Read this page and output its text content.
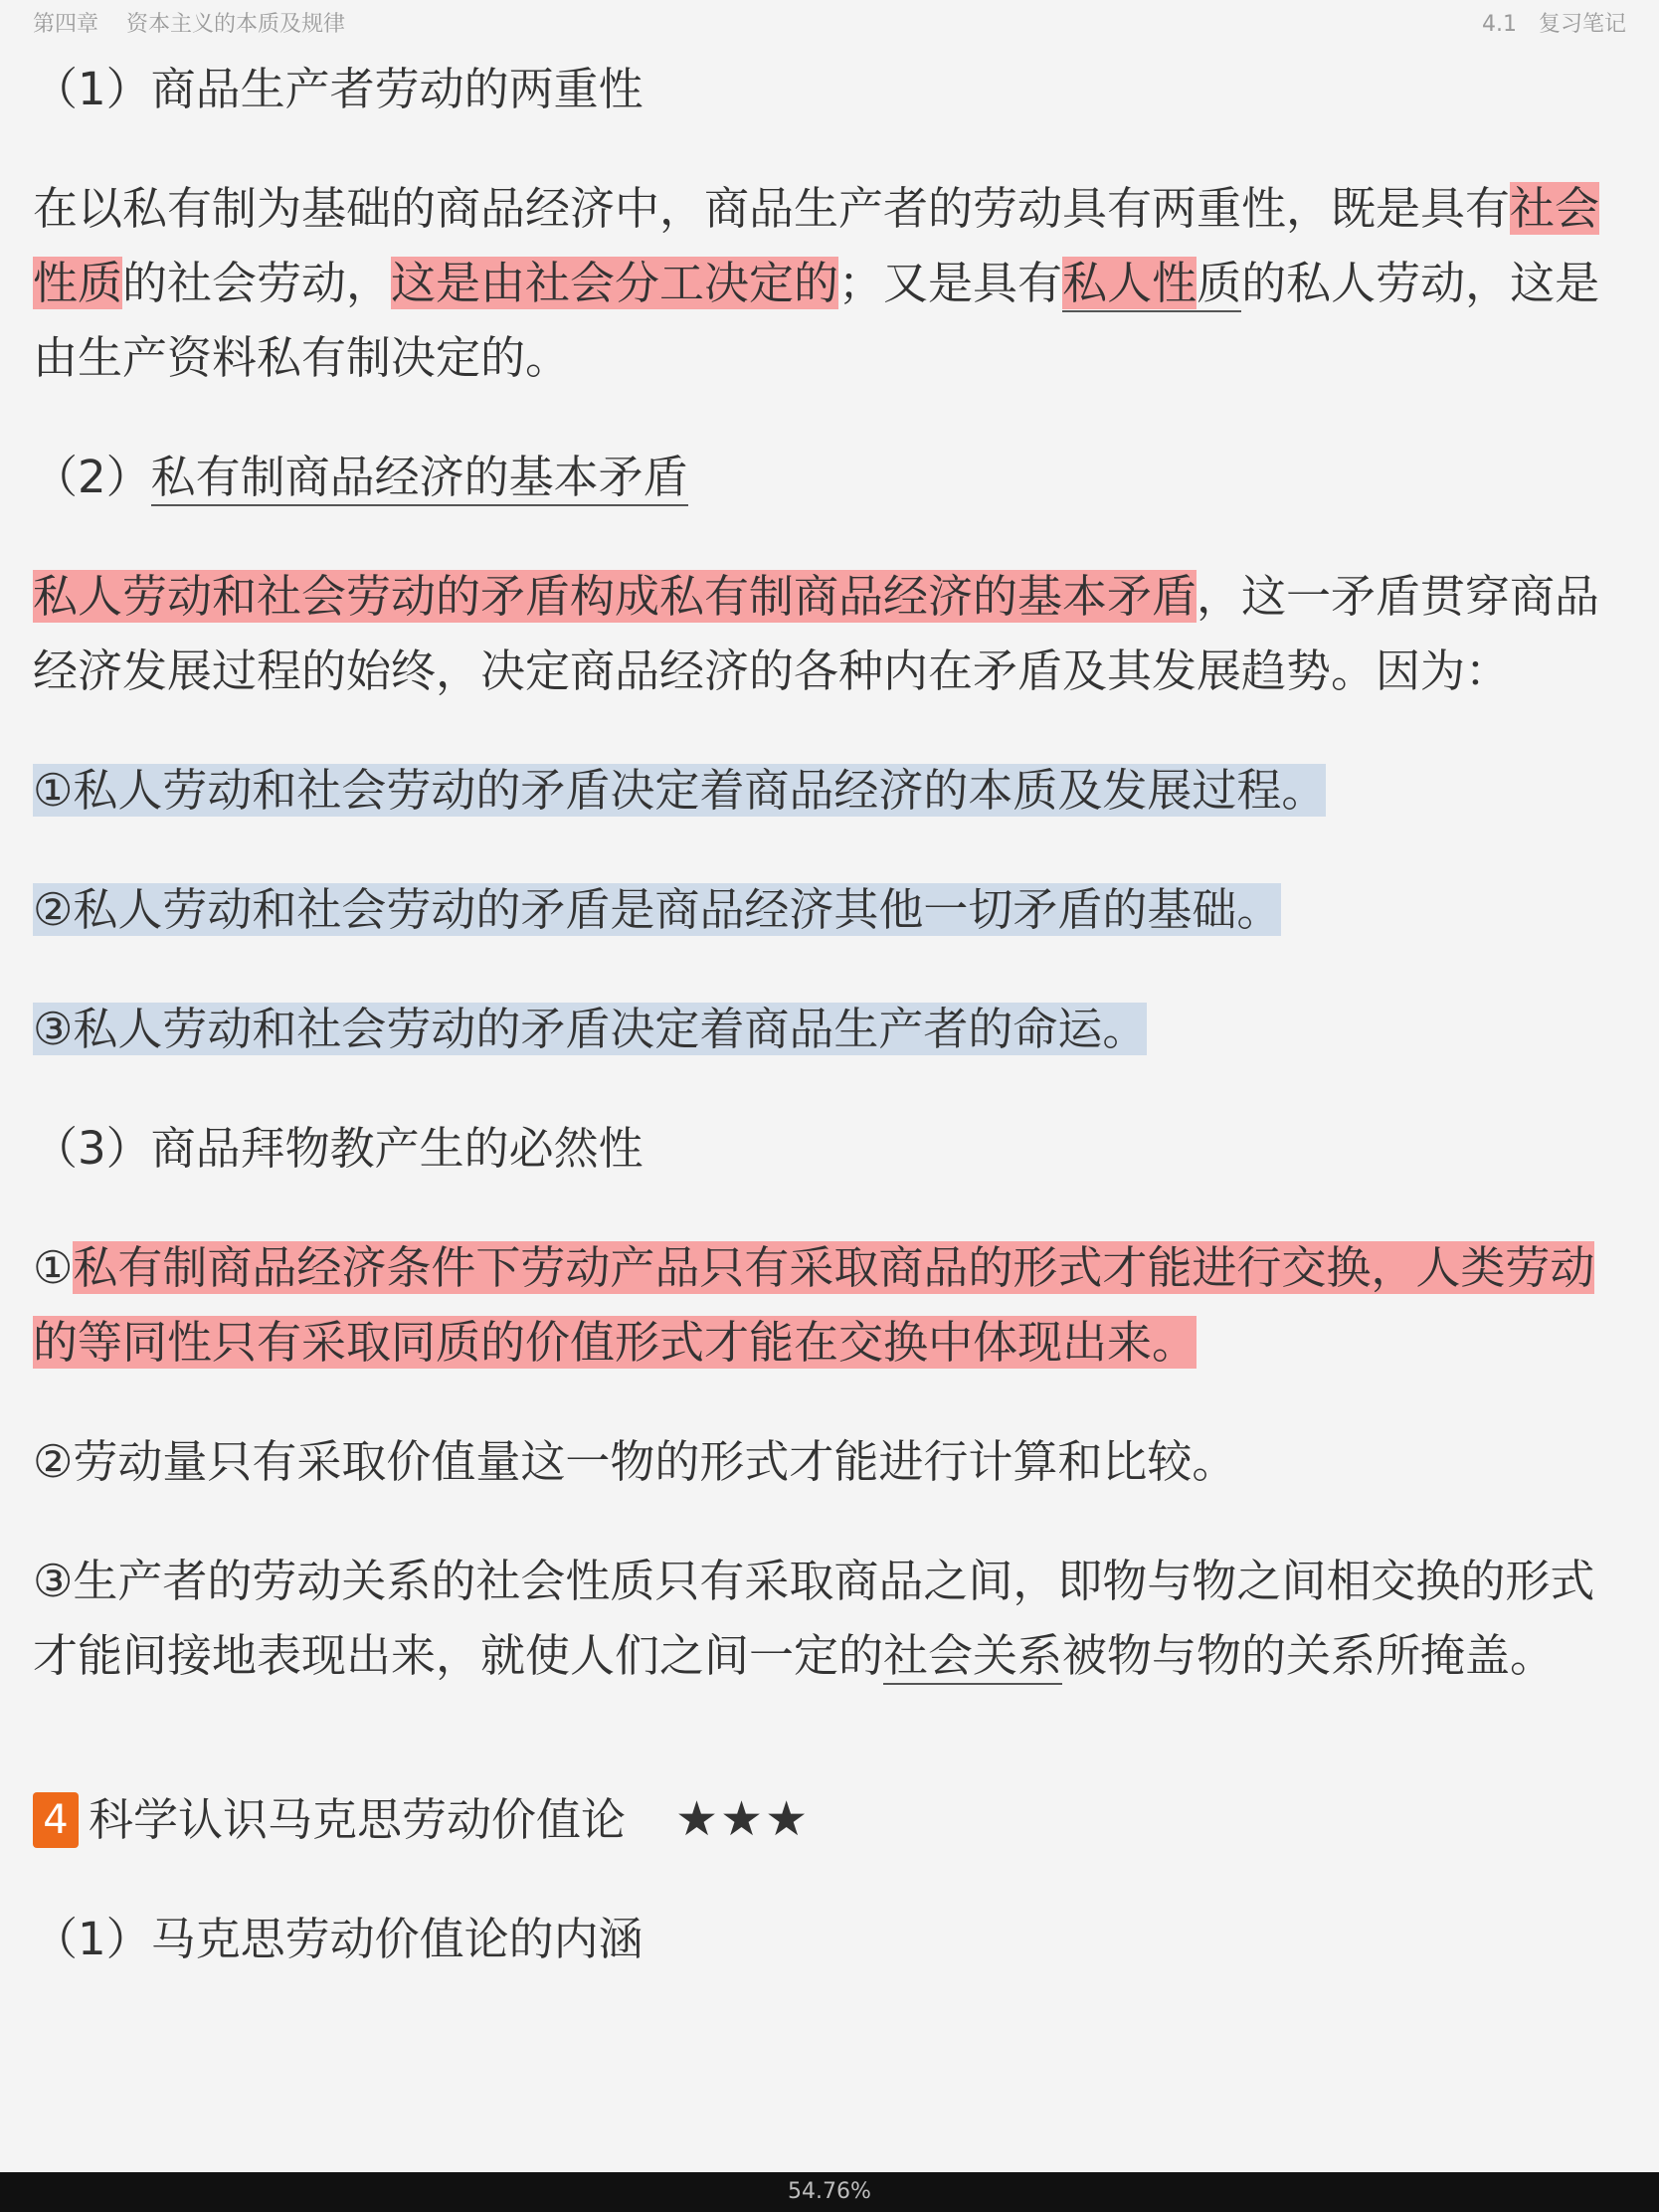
第四章 资本主义的本质及规律	4.1 复习笔记

（1）商品生产者劳动的两重性

在以私有制为基础的商品经济中，商品生产者的劳动具有两重性，既是具有社会性质的社会劳动，这是由社会分工决定的；又是具有私人性质的私人劳动，这是由生产资料私有制决定的。

（2）私有制商品经济的基本矛盾

私人劳动和社会劳动的矛盾构成私有制商品经济的基本矛盾，这一矛盾贯穿商品经济发展过程的始终，决定商品经济的各种内在矛盾及其发展趋势。因为：

①私人劳动和社会劳动的矛盾决定着商品经济的本质及发展过程。

②私人劳动和社会劳动的矛盾是商品经济其他一切矛盾的基础。

③私人劳动和社会劳动的矛盾决定着商品生产者的命运。

（3）商品拜物教产生的必然性

①私有制商品经济条件下劳动产品只有采取商品的形式才能进行交换，人类劳动的等同性只有采取同质的价值形式才能在交换中体现出来。

②劳动量只有采取价值量这一物的形式才能进行计算和比较。

③生产者的劳动关系的社会性质只有采取商品之间，即物与物之间相交换的形式才能间接地表现出来，就使人们之间一定的社会关系被物与物的关系所掩盖。

4 科学认识马克思劳动价值论 ★★★

（1）马克思劳动价值论的内涵

54.76%
